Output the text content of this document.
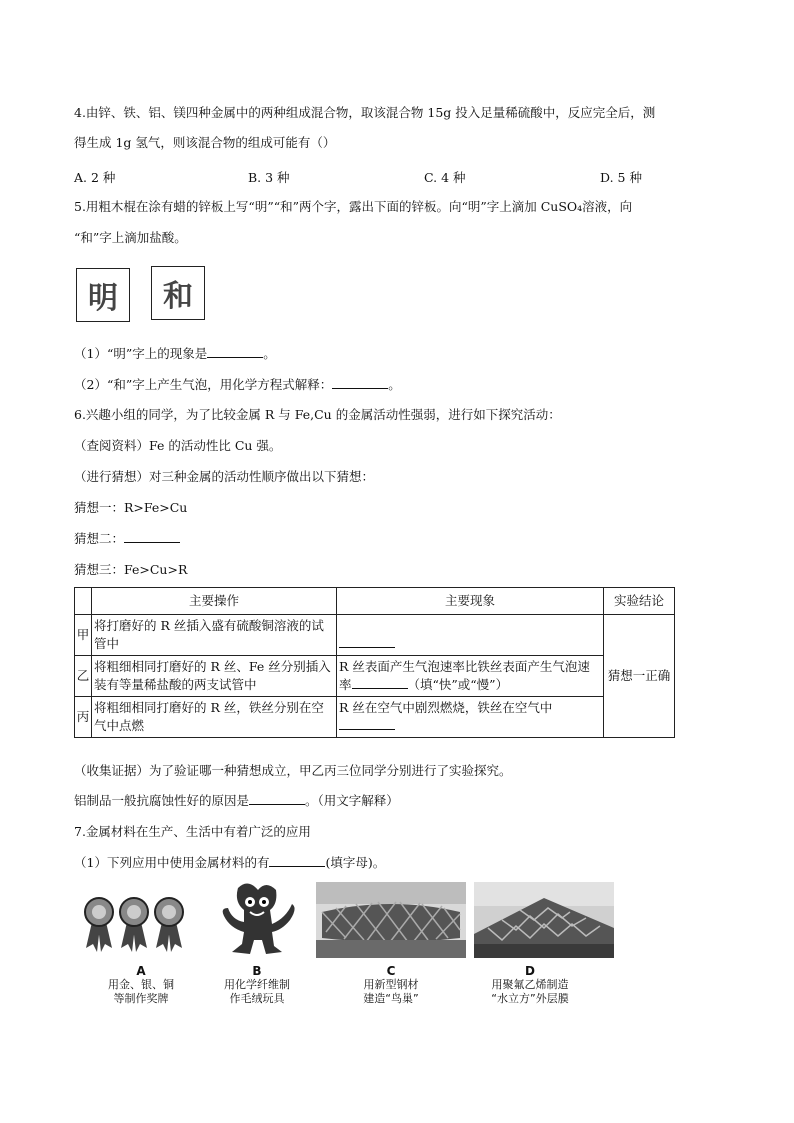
4.由锌、铁、铝、镁四种金属中的两种组成混合物，取该混合物 15g 投入足量稀硫酸中，反应完全后，测
得生成 1g 氢气，则该混合物的组成可能有（）
A. 2 种	B. 3 种	C. 4 种	D. 5 种
5.用粗木棍在涂有蜡的锌板上写“明”“和”两个字，露出下面的锌板。向“明”字上滴加 CuSO₄溶液，向
“和”字上滴加盐酸。
明 和
（1）“明”字上的现象是	。
（2）“和”字上产生气泡，用化学方程式解释：	。
6.兴趣小组的同学，为了比较金属 R 与 Fe,Cu 的金属活动性强弱，进行如下探究活动：
（查阅资料）Fe 的活动性比 Cu 强。
（进行猜想）对三种金属的活动性顺序做出以下猜想：
猜想一：R>Fe>Cu
猜想二：
猜想三：Fe>Cu>R
	主要操作	主要现象	实验结论
甲	将打磨好的 R 丝插入盛有硫酸铜溶液的试管中		猜想一正确
乙	将粗细相同打磨好的 R 丝、Fe 丝分别插入装有等量稀盐酸的两支试管中	R 丝表面产生气泡速率比铁丝表面产生气泡速率 （填“快”或“慢”）	
丙	将粗细相同打磨好的 R 丝，铁丝分别在空气中点燃	R 丝在空气中剧烈燃烧，铁丝在空气中	

（收集证据）为了验证哪一种猜想成立，甲乙丙三位同学分别进行了实验探究。
铝制品一般抗腐蚀性好的原因是	。（用文字解释）
7.金属材料在生产、生活中有着广泛的应用
（1）下列应用中使用金属材料的有	(填字母)。
A
用金、银、铜
等制作奖牌
B
用化学纤维制
作毛绒玩具
C
用新型钢材
建造“鸟巢”
D
用聚氟乙烯制造
“水立方”外层膜
